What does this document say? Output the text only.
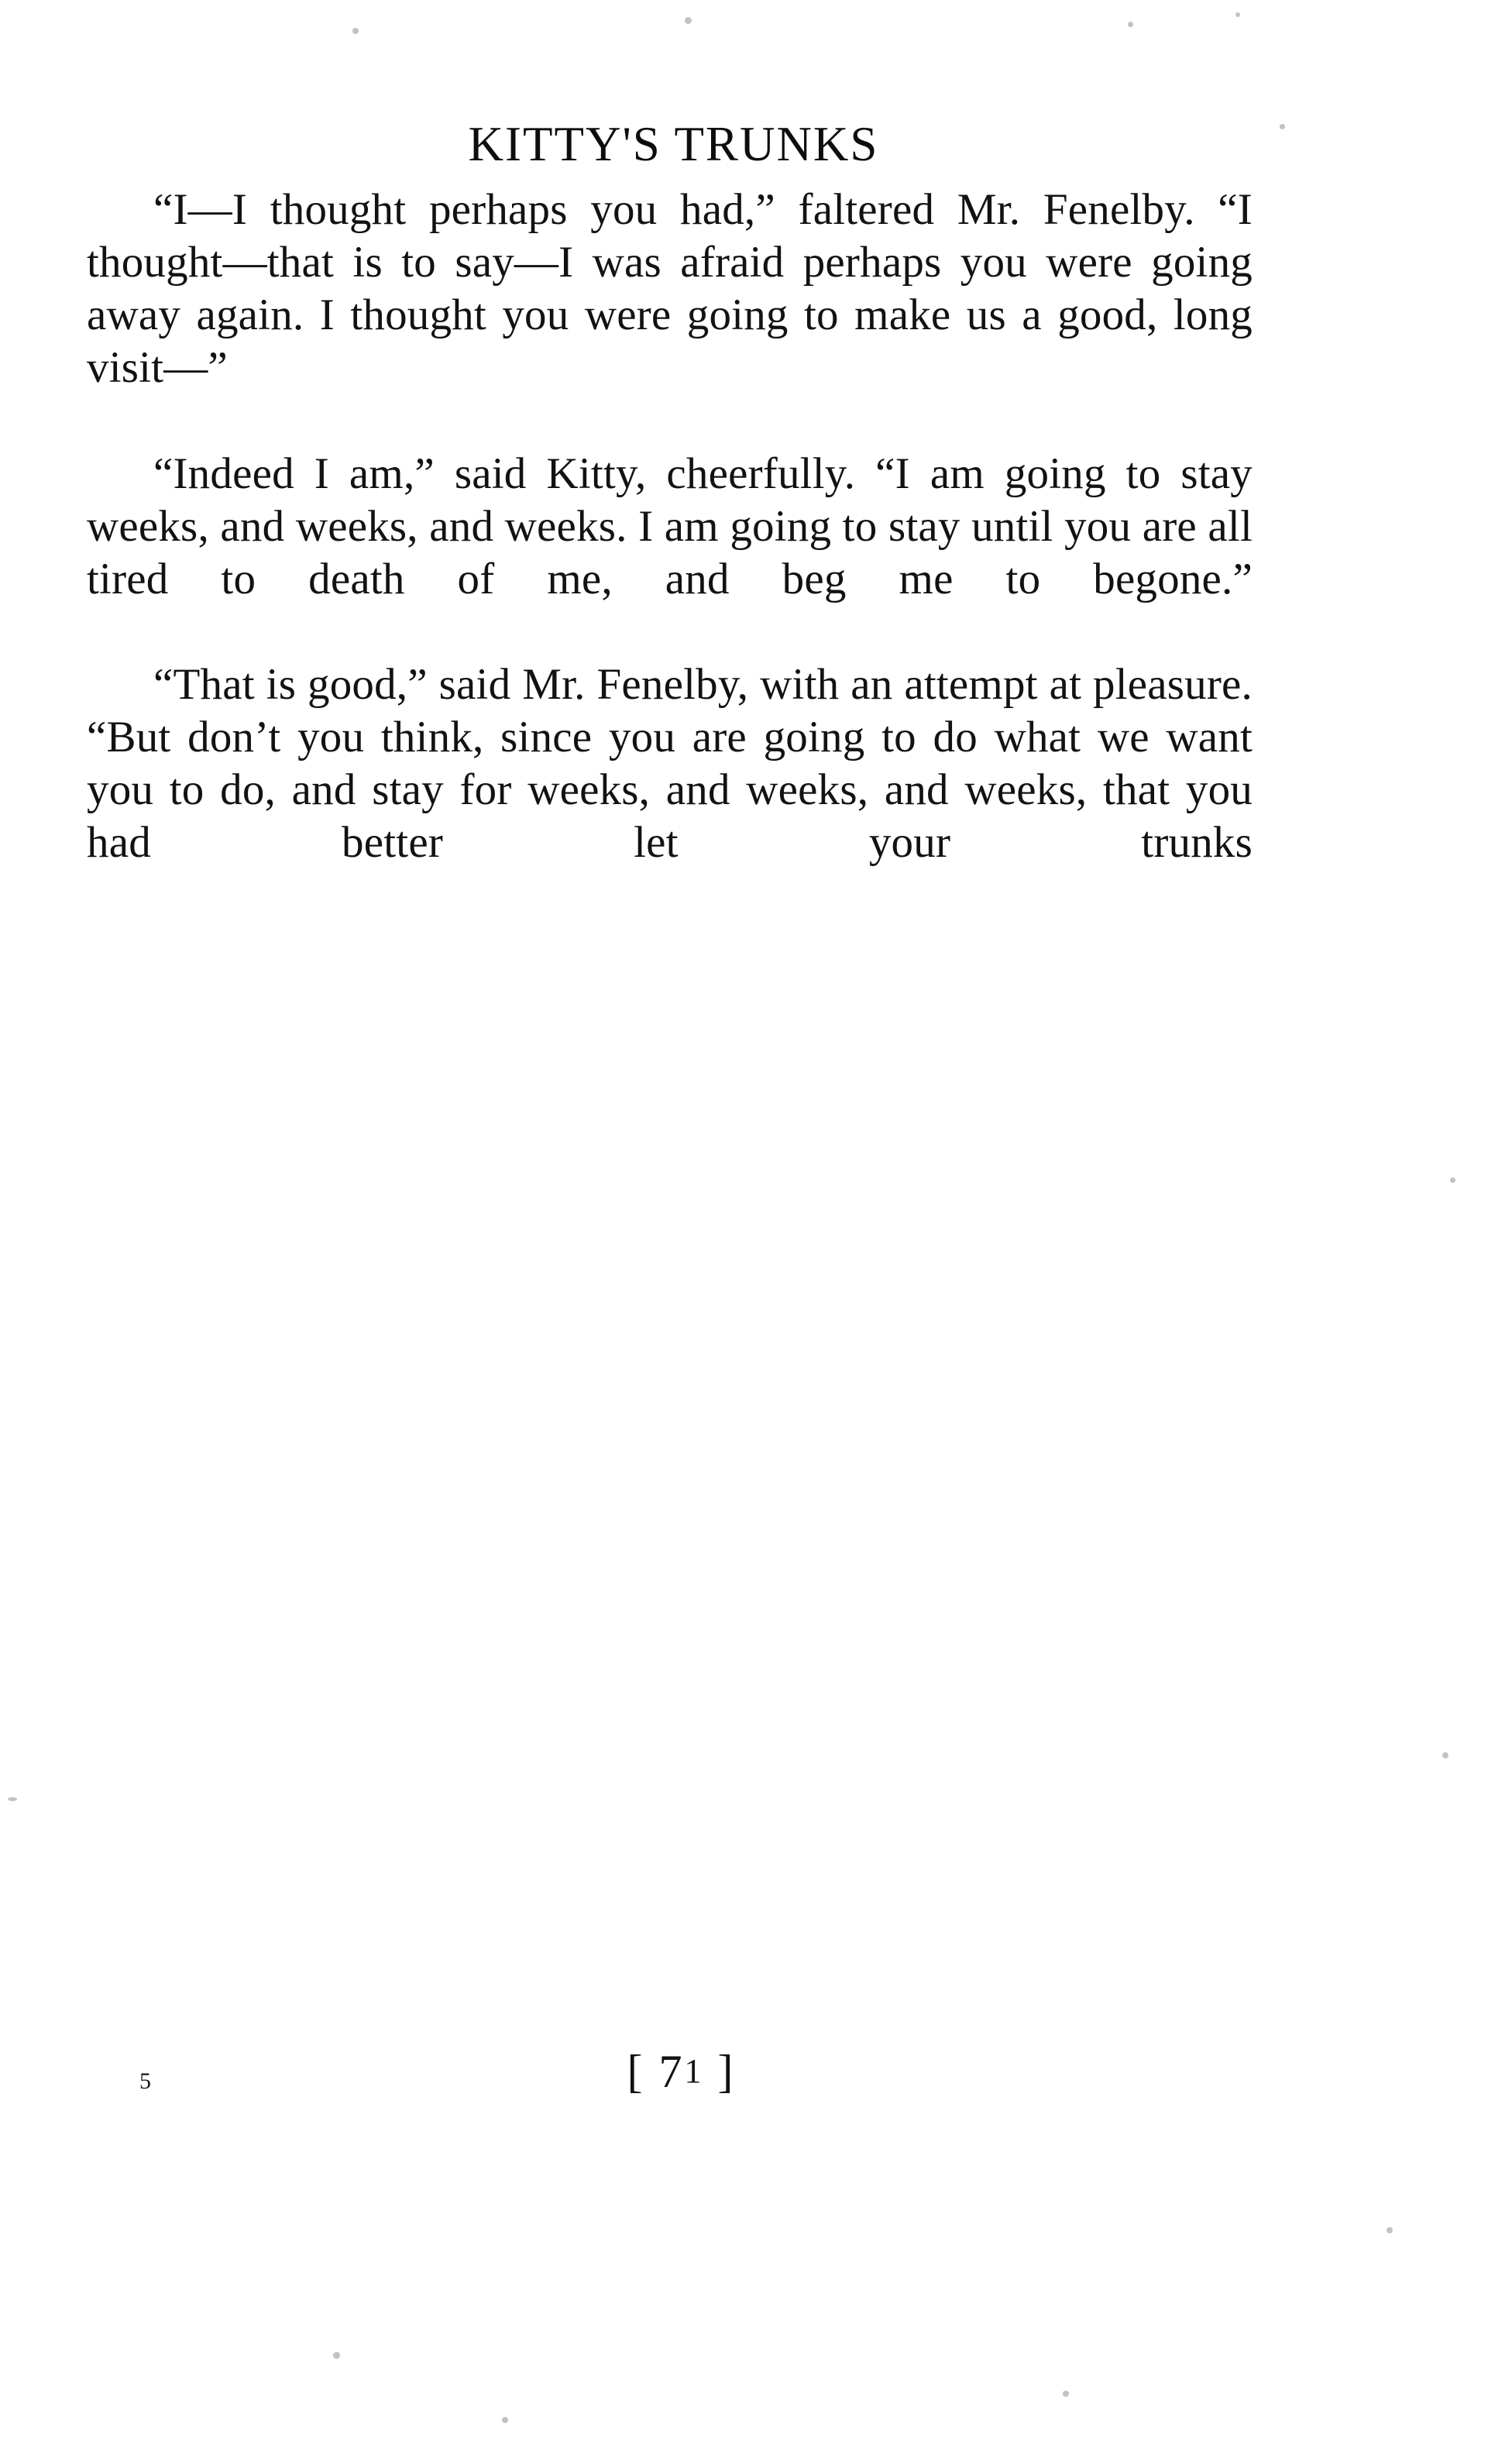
KITTY'S TRUNKS

“I—I thought perhaps you had,” faltered Mr. Fenelby. “I thought—that is to say—I was afraid perhaps you were going away again. I thought you were going to make us a good, long visit—”

“Indeed I am,” said Kitty, cheerfully. “I am going to stay weeks, and weeks, and weeks. I am going to stay until you are all tired to death of me, and beg me to begone.”

“That is good,” said Mr. Fenelby, with an attempt at pleasure. “But don’t you think, since you are going to do what we want you to do, and stay for weeks, and weeks, and weeks, that you had better let your trunks

5	[ 71 ]
